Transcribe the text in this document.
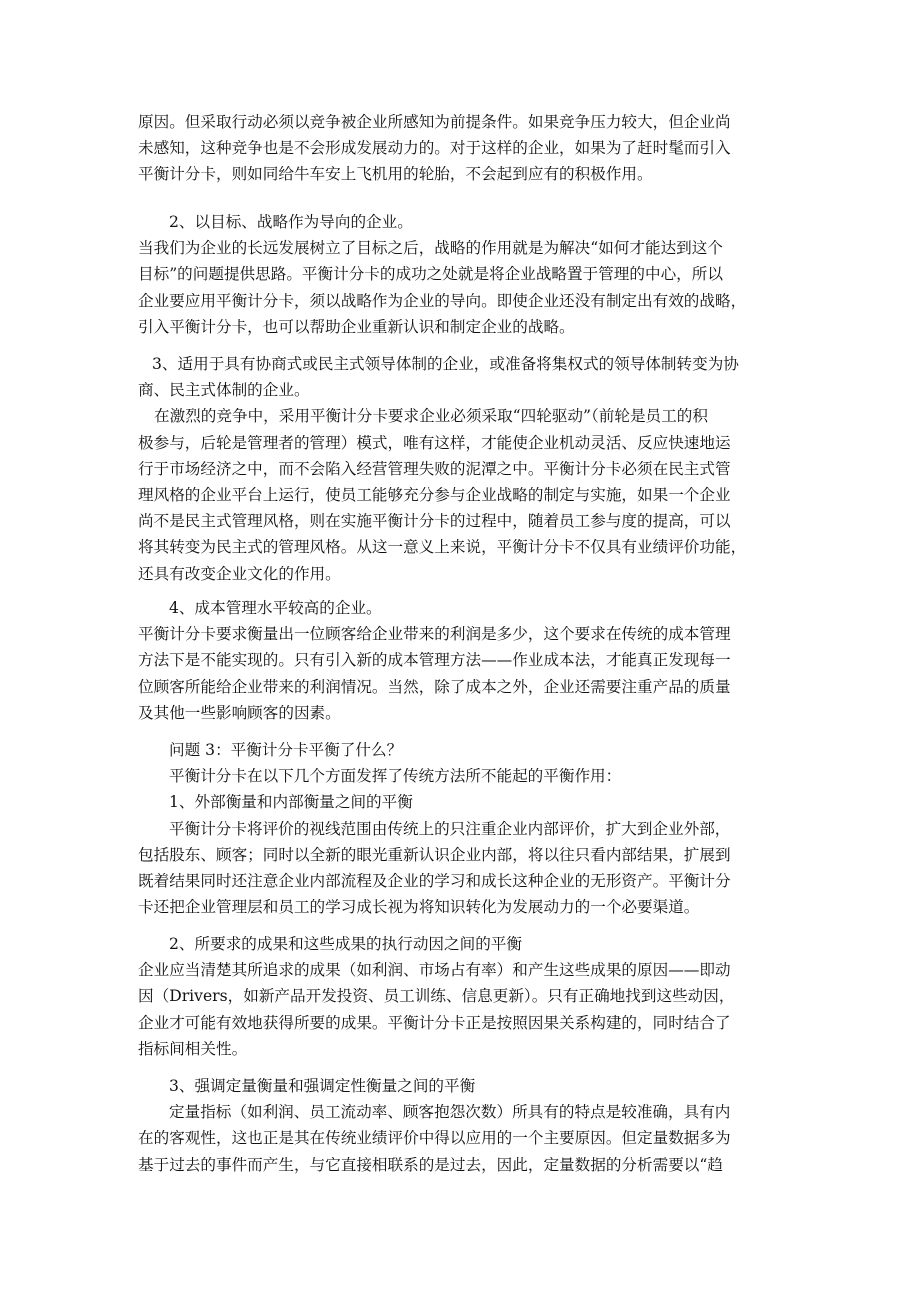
原因。但采取行动必须以竞争被企业所感知为前提条件。如果竞争压力较大，但企业尚
未感知，这种竞争也是不会形成发展动力的。对于这样的企业，如果为了赶时髦而引入
平衡计分卡，则如同给牛车安上飞机用的轮胎，不会起到应有的积极作用。
2、以目标、战略作为导向的企业。
当我们为企业的长远发展树立了目标之后，战略的作用就是为解决“如何才能达到这个
目标”的问题提供思路。平衡计分卡的成功之处就是将企业战略置于管理的中心，所以
企业要应用平衡计分卡，须以战略作为企业的导向。即使企业还没有制定出有效的战略，
引入平衡计分卡，也可以帮助企业重新认识和制定企业的战略。
3、适用于具有协商式或民主式领导体制的企业，或准备将集权式的领导体制转变为协
商、民主式体制的企业。
在激烈的竞争中，采用平衡计分卡要求企业必须采取“四轮驱动”（前轮是员工的积
极参与，后轮是管理者的管理）模式，唯有这样，才能使企业机动灵活、反应快速地运
行于市场经济之中，而不会陷入经营管理失败的泥潭之中。平衡计分卡必须在民主式管
理风格的企业平台上运行，使员工能够充分参与企业战略的制定与实施，如果一个企业
尚不是民主式管理风格，则在实施平衡计分卡的过程中，随着员工参与度的提高，可以
将其转变为民主式的管理风格。从这一意义上来说，平衡计分卡不仅具有业绩评价功能，
还具有改变企业文化的作用。
4、成本管理水平较高的企业。
平衡计分卡要求衡量出一位顾客给企业带来的利润是多少，这个要求在传统的成本管理
方法下是不能实现的。只有引入新的成本管理方法——作业成本法，才能真正发现每一
位顾客所能给企业带来的利润情况。当然，除了成本之外，企业还需要注重产品的质量
及其他一些影响顾客的因素。
问题 3：平衡计分卡平衡了什么？
平衡计分卡在以下几个方面发挥了传统方法所不能起的平衡作用：
1、外部衡量和内部衡量之间的平衡
平衡计分卡将评价的视线范围由传统上的只注重企业内部评价，扩大到企业外部，
包括股东、顾客；同时以全新的眼光重新认识企业内部，将以往只看内部结果，扩展到
既着结果同时还注意企业内部流程及企业的学习和成长这种企业的无形资产。平衡计分
卡还把企业管理层和员工的学习成长视为将知识转化为发展动力的一个必要渠道。
2、所要求的成果和这些成果的执行动因之间的平衡
企业应当清楚其所追求的成果（如利润、市场占有率）和产生这些成果的原因——即动
因（Drivers，如新产品开发投资、员工训练、信息更新）。只有正确地找到这些动因，
企业才可能有效地获得所要的成果。平衡计分卡正是按照因果关系构建的，同时结合了
指标间相关性。
3、强调定量衡量和强调定性衡量之间的平衡
定量指标（如利润、员工流动率、顾客抱怨次数）所具有的特点是较准确，具有内
在的客观性，这也正是其在传统业绩评价中得以应用的一个主要原因。但定量数据多为
基于过去的事件而产生，与它直接相联系的是过去，因此，定量数据的分析需要以“趋
